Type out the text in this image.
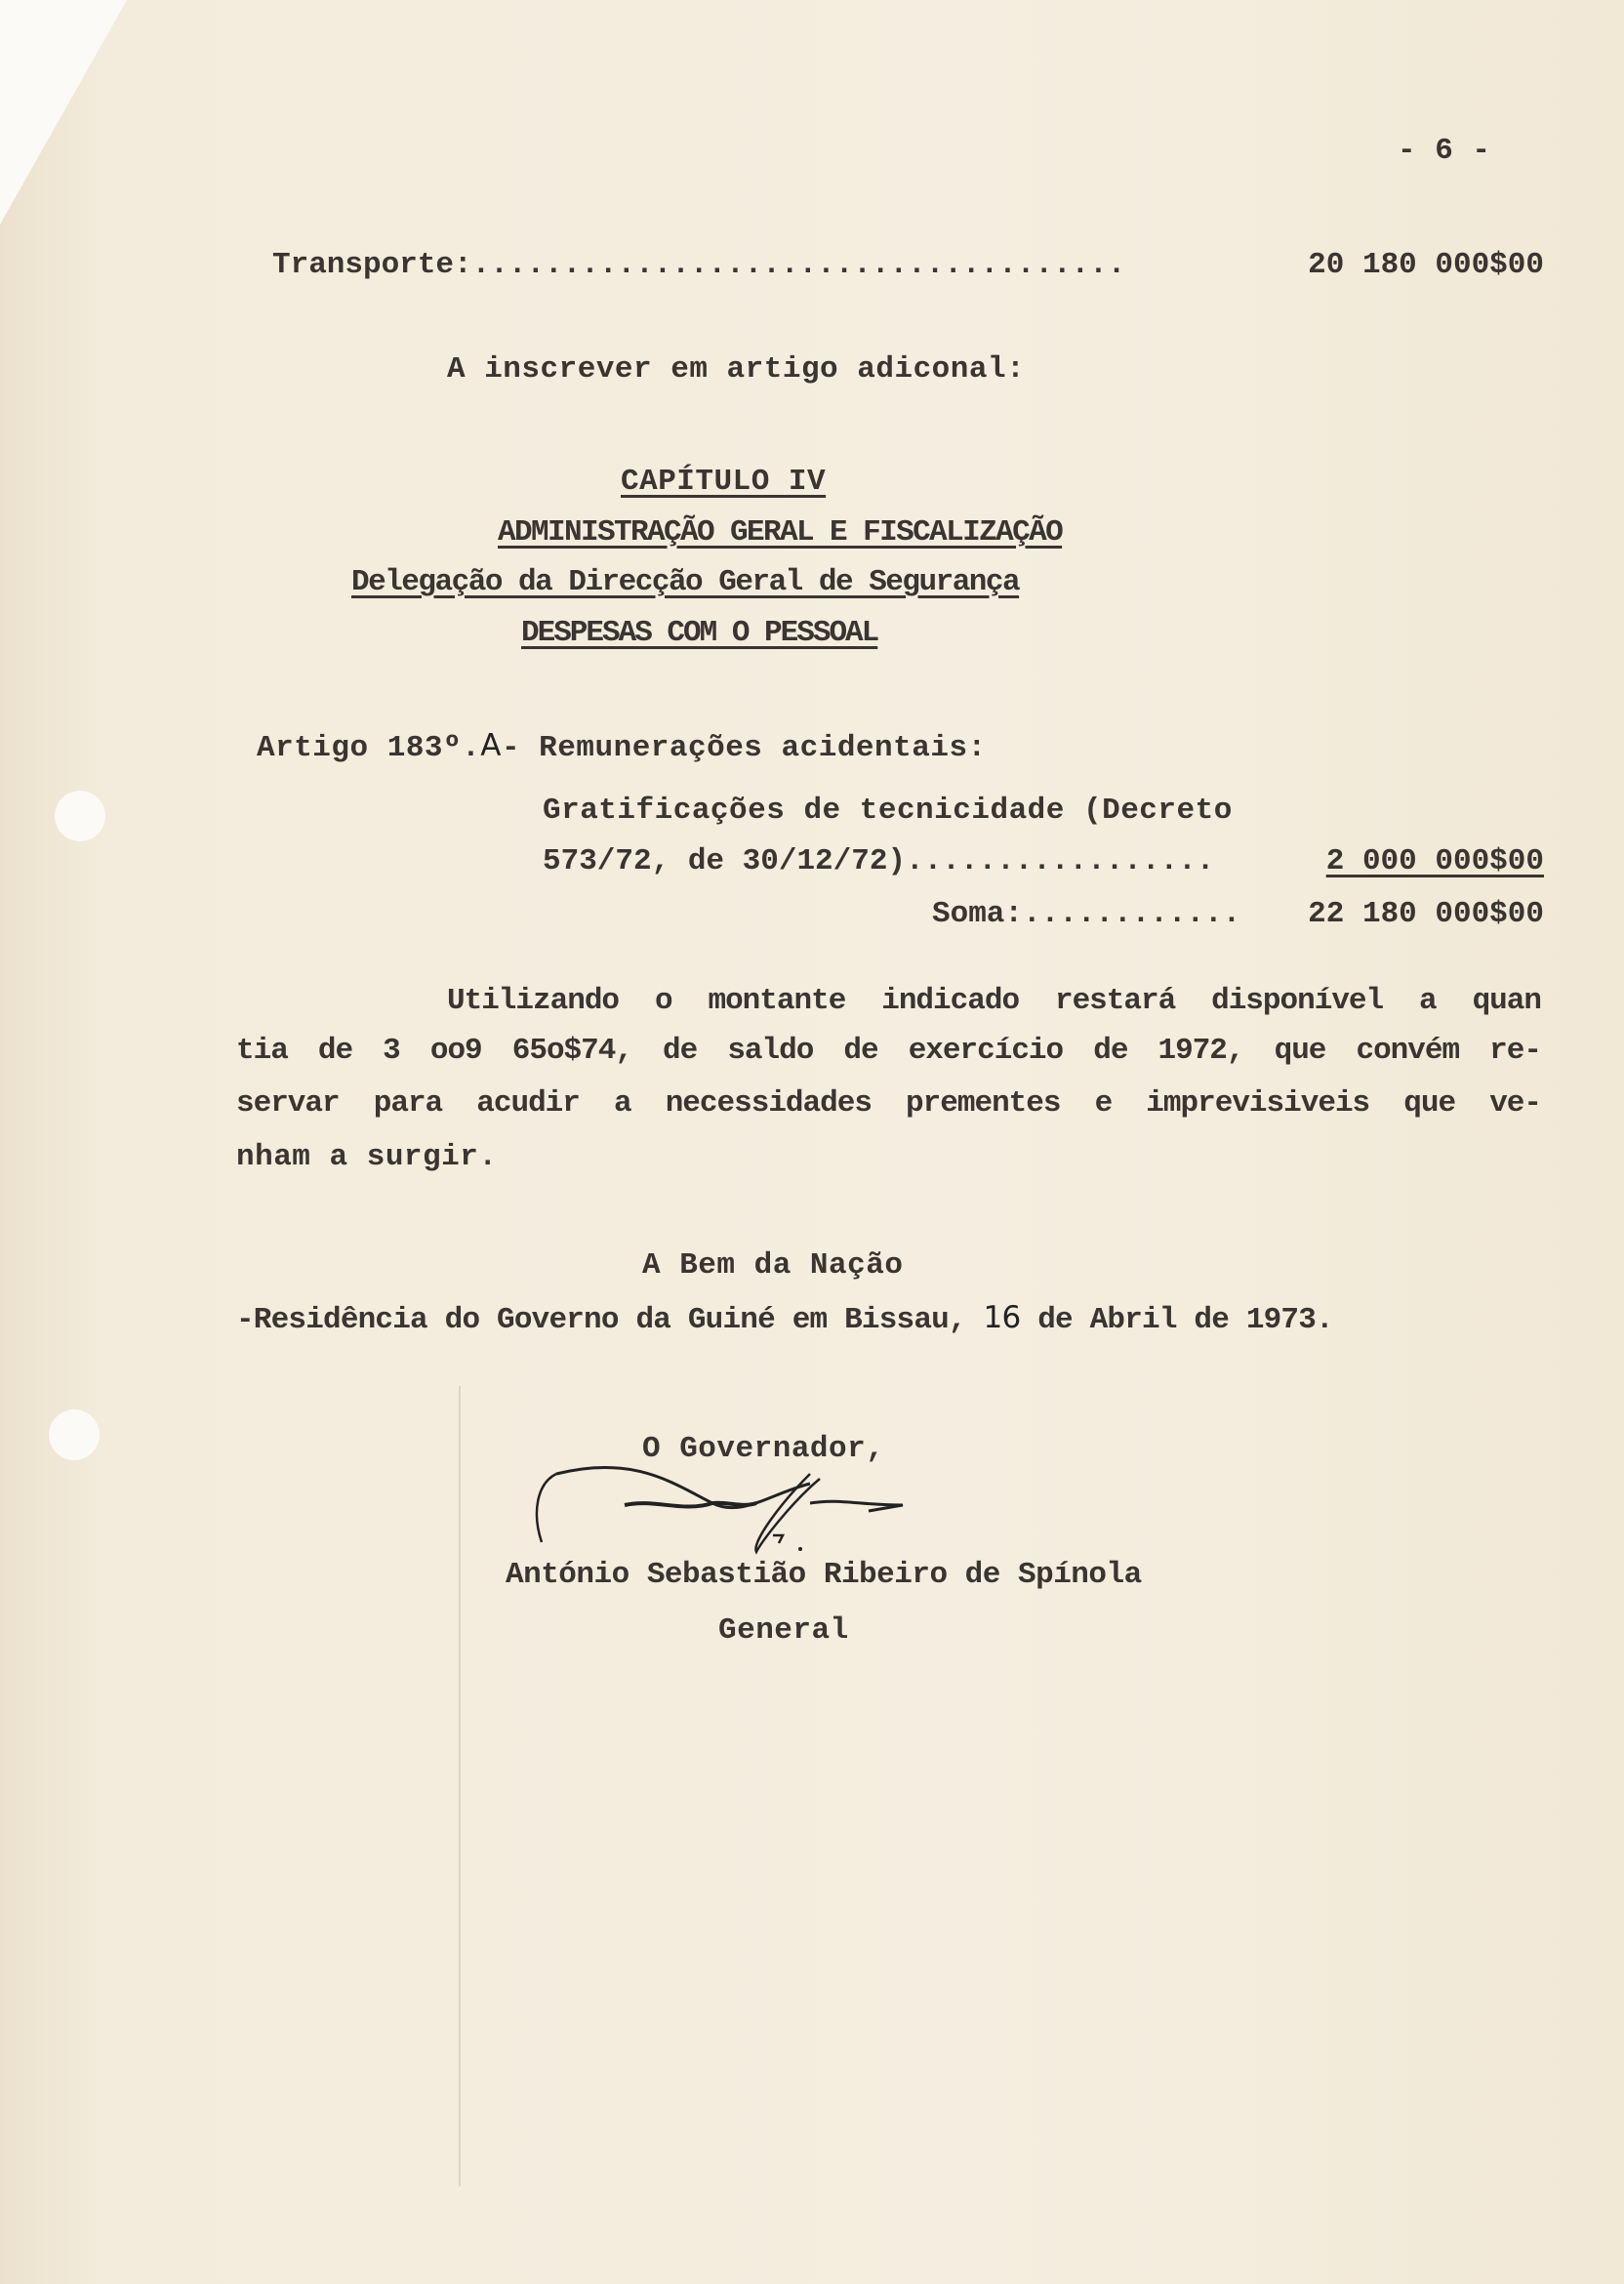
- 6 -
Transporte:....................................	20 180 000$00
A inscrever em artigo adiconal:
CAPÍTULO IV
ADMINISTRAÇÃO GERAL E FISCALIZAÇÃO
Delegação da Direcção Geral de Segurança
DESPESAS COM O PESSOAL
Artigo 183º.A- Remunerações acidentais:
Gratificações de tecnicidade (Decreto
573/72, de 30/12/72).................	2 000 000$00
Soma:............ 22 180 000$00
Utilizando o montante indicado restará disponível a quan
tia de 3 oo9 65o$74, de saldo de exercício de 1972, que convém re-
servar para acudir a necessidades prementes e imprevisiveis que ve-
nham a surgir.
A Bem da Nação
-Residência do Governo da Guiné em Bissau, 16 de Abril de 1973.
O Governador,
António Sebastião Ribeiro de Spínola
General
